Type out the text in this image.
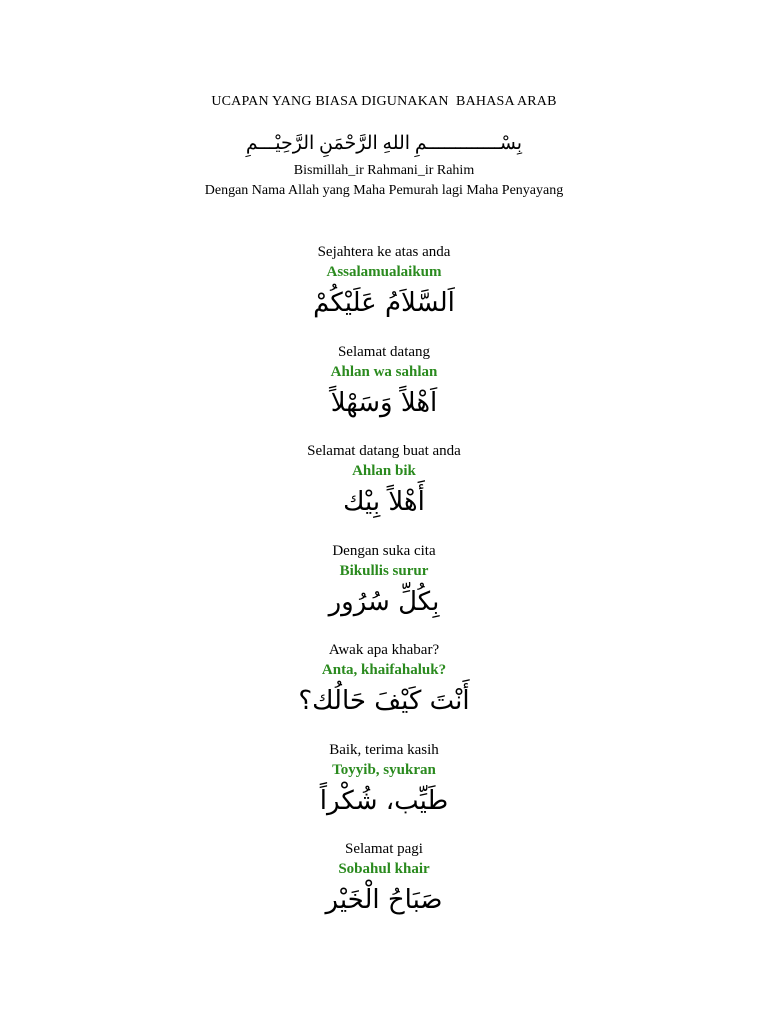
UCAPAN YANG BIASA DIGUNAKAN  BAHASA ARAB
بِسْـــــــــــــمِ اللهِ الرَّحْمَنِ الرَّحِيْـــمِ
Bismillah_ir Rahmani_ir Rahim
Dengan Nama Allah yang Maha Pemurah lagi Maha Penyayang
Sejahtera ke atas anda
Assalamualaikum
اَلسَّلاَمُ عَلَيْكُمْ
Selamat datang
Ahlan wa sahlan
اَهْلاً وَسَهْلاً
Selamat datang buat anda
Ahlan bik
أَهْلاً بِيْك
Dengan suka cita
Bikullis surur
بِكُلِّ سُرُور
Awak apa khabar?
Anta, khaifahaluk?
أَنْتَ كَيْفَ حَالُك؟
Baik, terima kasih
Toyyib, syukran
طَيِّب، شُكْراً
Selamat pagi
Sobahul khair
صَبَاحُ الْخَيْر
